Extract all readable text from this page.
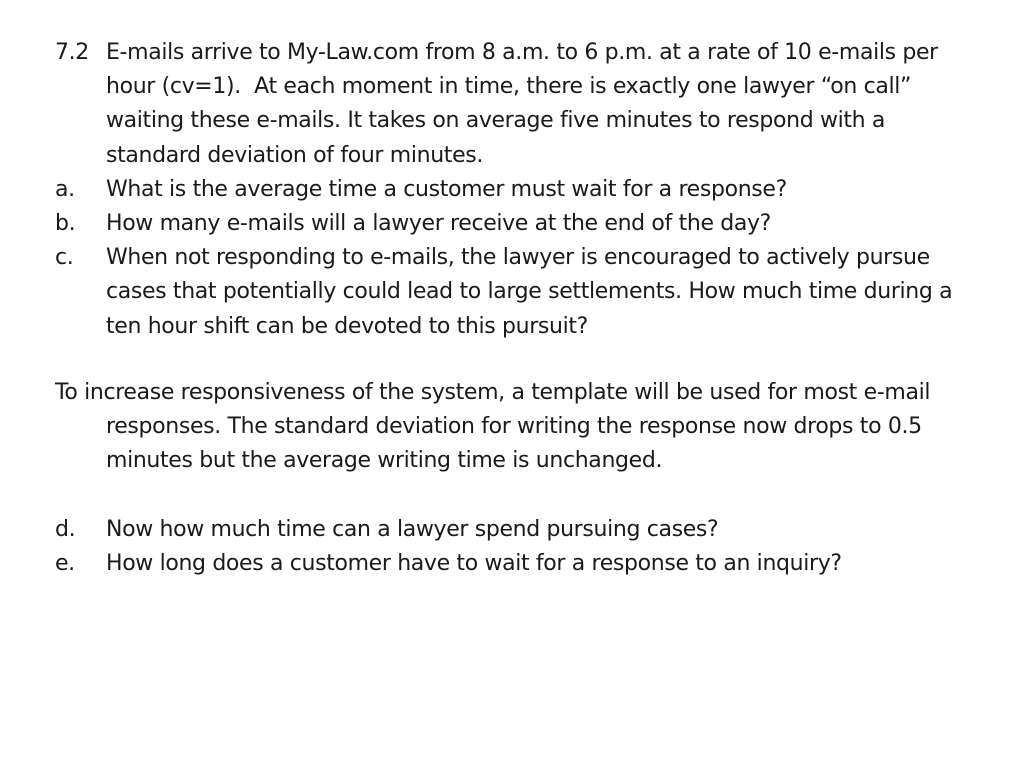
7.2 E-mails arrive to My-Law.com from 8 a.m. to 6 p.m. at a rate of 10 e-mails per hour (cv=1).  At each moment in time, there is exactly one lawyer “on call” waiting these e-mails. It takes on average five minutes to respond with a standard deviation of four minutes.
a.	What is the average time a customer must wait for a response?
b.	How many e-mails will a lawyer receive at the end of the day?
c.	When not responding to e-mails, the lawyer is encouraged to actively pursue cases that potentially could lead to large settlements. How much time during a ten hour shift can be devoted to this pursuit?
To increase responsiveness of the system, a template will be used for most e-mail responses. The standard deviation for writing the response now drops to 0.5 minutes but the average writing time is unchanged.
d.	Now how much time can a lawyer spend pursuing cases?
e.	How long does a customer have to wait for a response to an inquiry?
